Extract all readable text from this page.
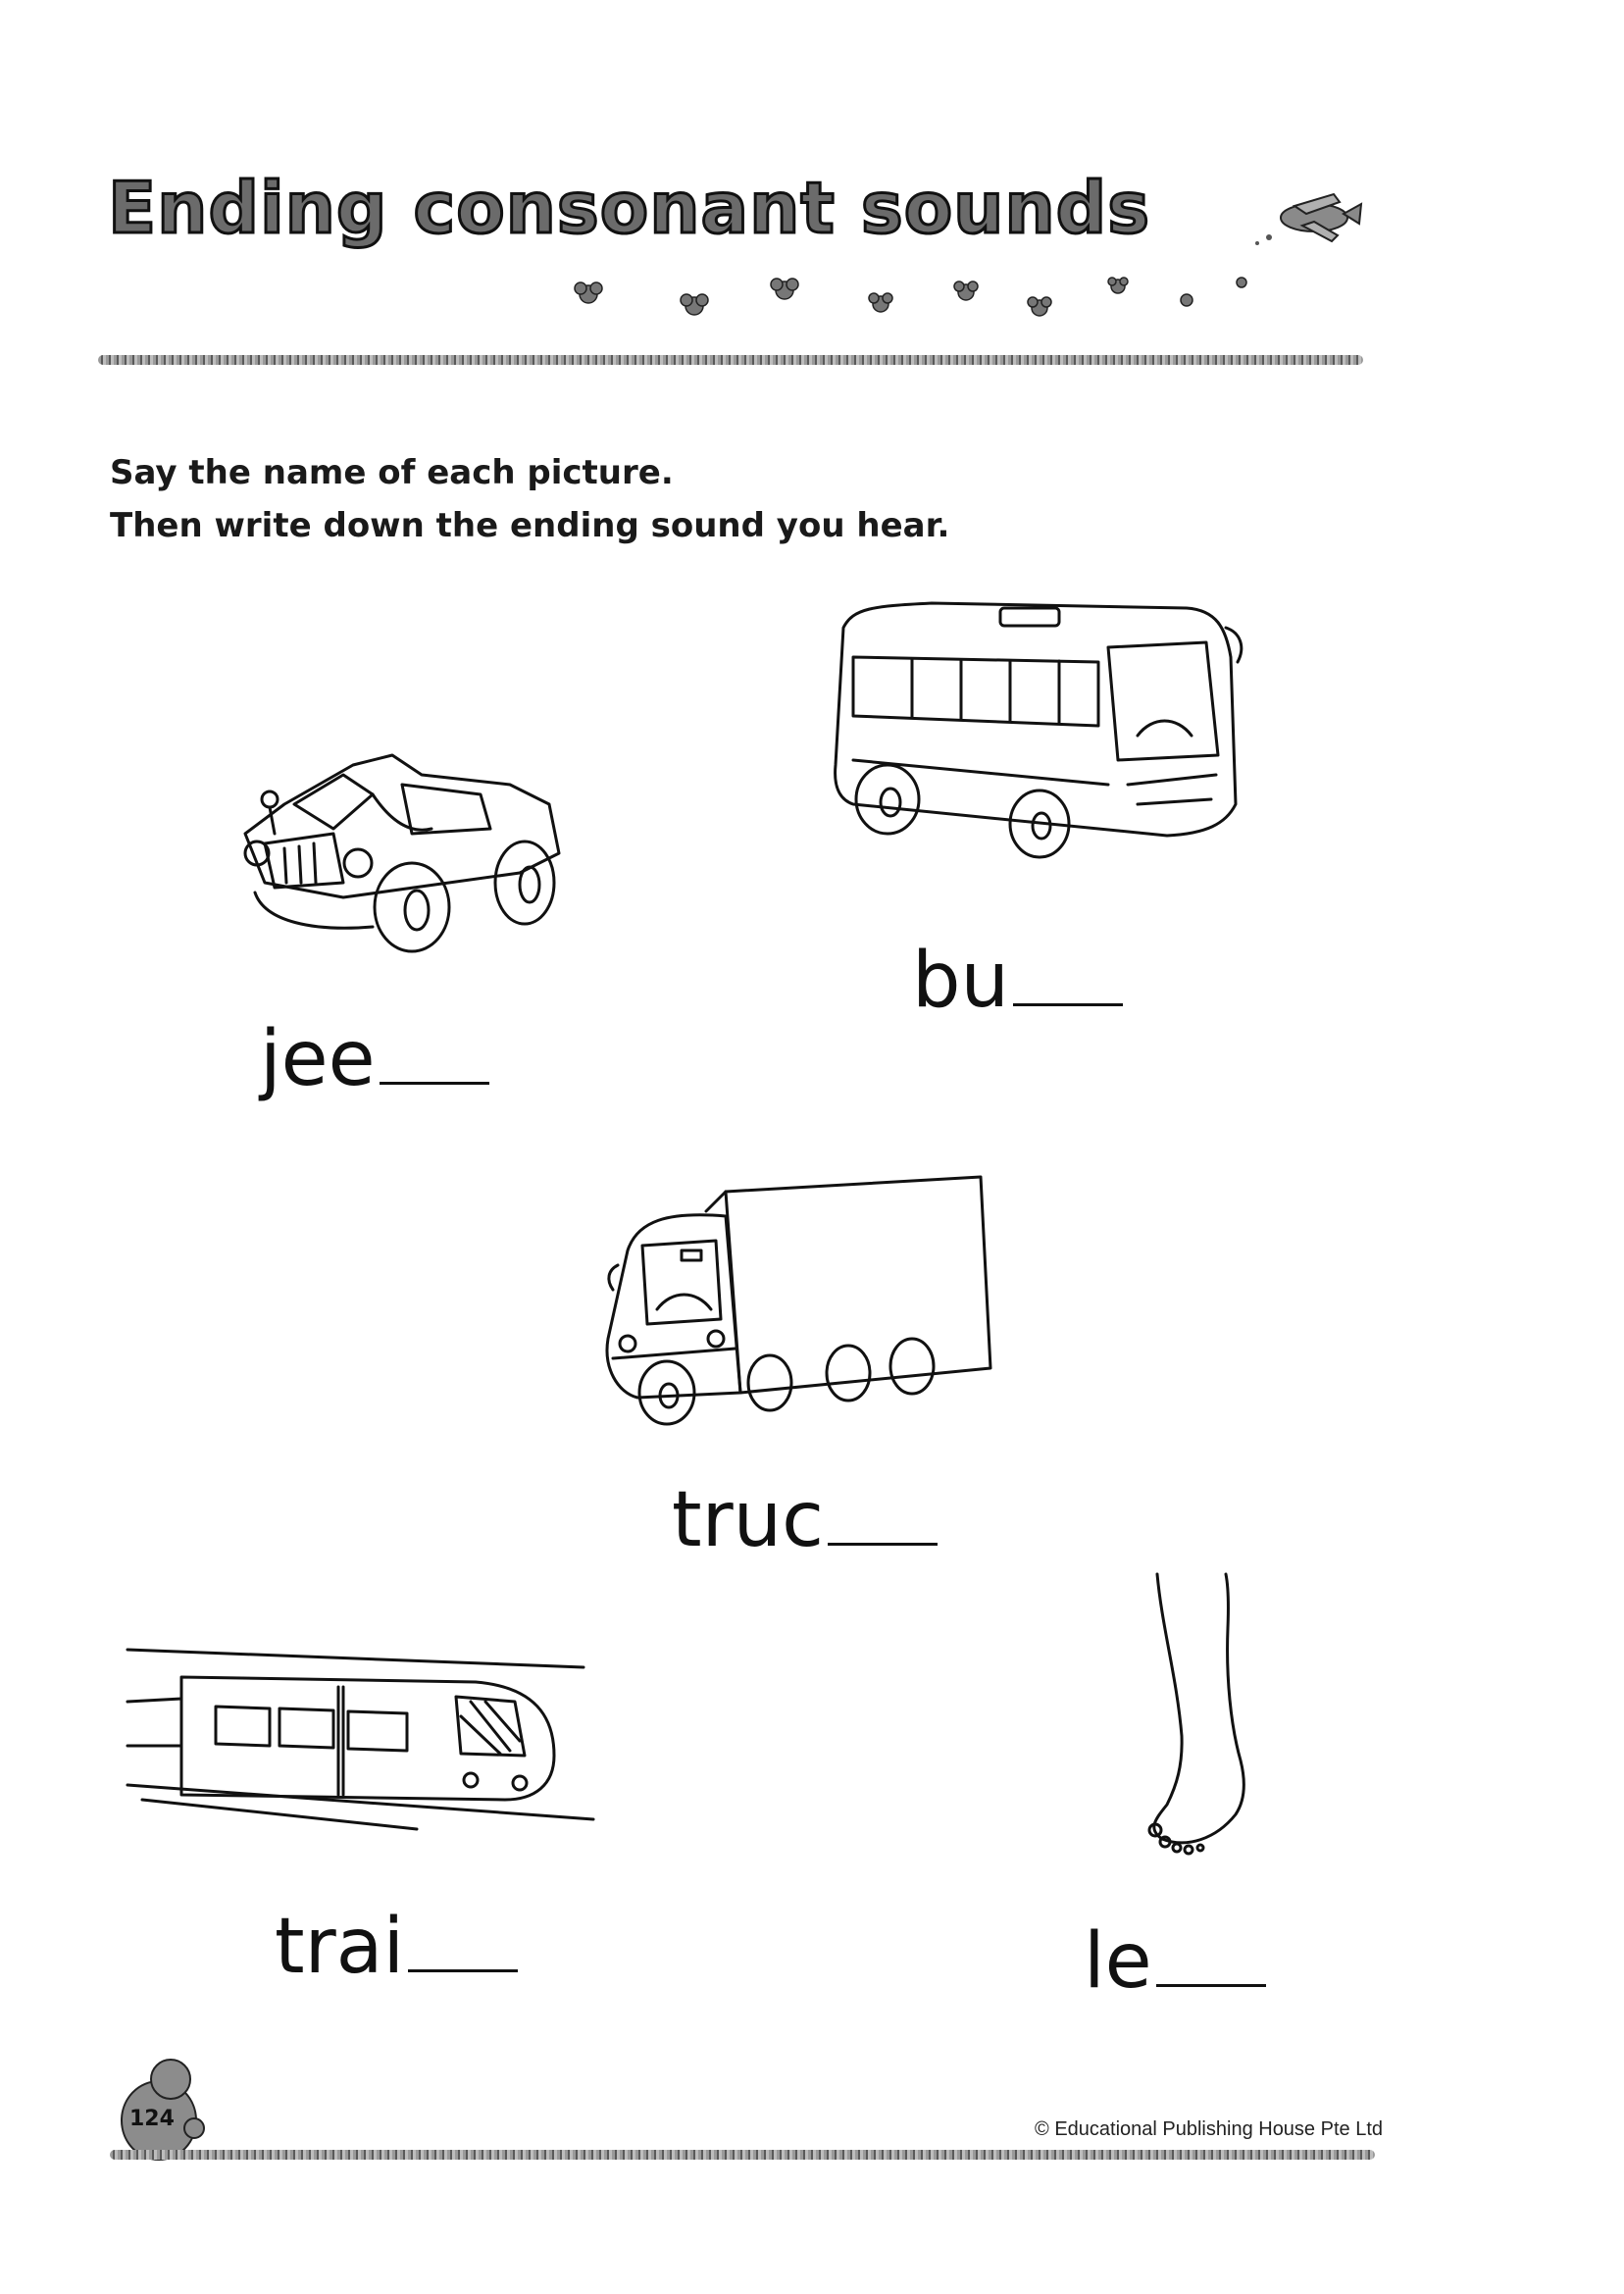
Ending consonant sounds
Say the name of each picture.
Then write down the ending sound you hear.
jee
bu
truc
trai	le
124	© Educational Publishing House Pte Ltd
